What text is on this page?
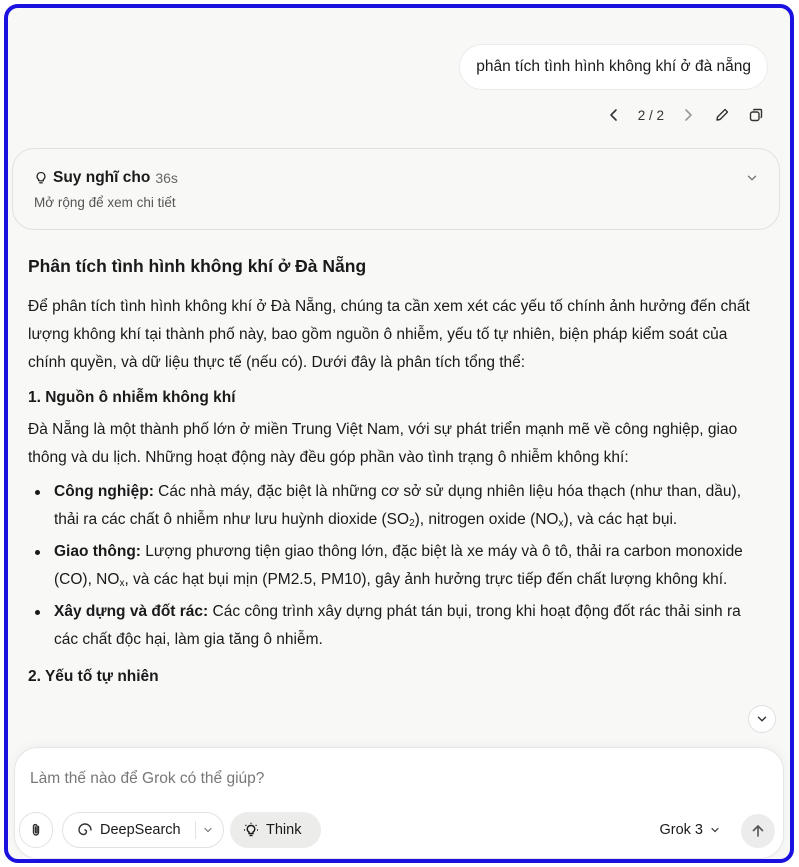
phân tích tình hình không khí ở đà nẵng
2 / 2
Suy nghĩ cho 36s
Mở rộng để xem chi tiết
Phân tích tình hình không khí ở Đà Nẵng

Để phân tích tình hình không khí ở Đà Nẵng, chúng ta cần xem xét các yếu tố chính ảnh hưởng đến chất lượng không khí tại thành phố này, bao gồm nguồn ô nhiễm, yếu tố tự nhiên, biện pháp kiểm soát của chính quyền, và dữ liệu thực tế (nếu có). Dưới đây là phân tích tổng thể:

1. Nguồn ô nhiễm không khí

Đà Nẵng là một thành phố lớn ở miền Trung Việt Nam, với sự phát triển mạnh mẽ về công nghiệp, giao thông và du lịch. Những hoạt động này đều góp phần vào tình trạng ô nhiễm không khí:

Công nghiệp: Các nhà máy, đặc biệt là những cơ sở sử dụng nhiên liệu hóa thạch (như than, dầu), thải ra các chất ô nhiễm như lưu huỳnh dioxide $(SO_2)$, nitrogen oxide $(NO_x)$, và các hạt bụi.
Giao thông: Lượng phương tiện giao thông lớn, đặc biệt là xe máy và ô tô, thải ra carbon monoxide (CO), $NO_x$, và các hạt bụi mịn (PM2.5, PM10), gây ảnh hưởng trực tiếp đến chất lượng không khí.
Xây dựng và đốt rác: Các công trình xây dựng phát tán bụi, trong khi hoạt động đốt rác thải sinh ra các chất độc hại, làm gia tăng ô nhiễm.
2. Yếu tố tự nhiên
Làm thế nào để Grok có thể giúp?
DeepSearch	Think	Grok 3
